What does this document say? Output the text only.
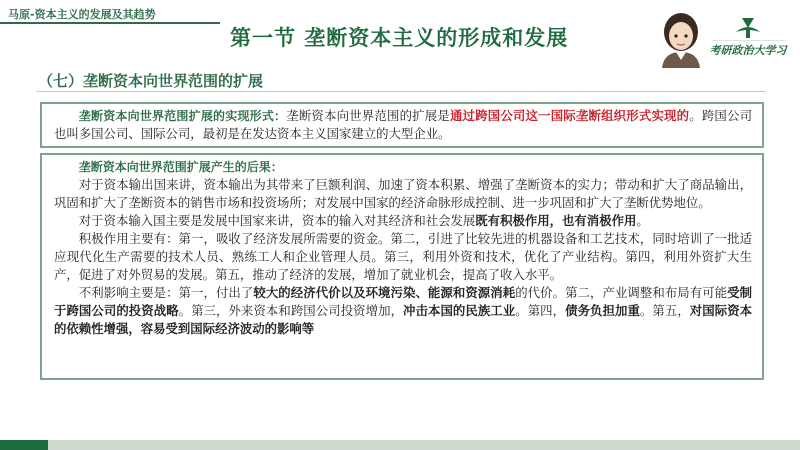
马原-资本主义的发展及其趋势
第一节 垄断资本主义的形成和发展
考研政治大学习
（七）垄断资本向世界范围的扩展

垄断资本向世界范围扩展的实现形式：垄断资本向世界范围的扩展是通过跨国公司这一国际垄断组织形式实现的。跨国公司也叫多国公司、国际公司，最初是在发达资本主义国家建立的大型企业。

垄断资本向世界范围扩展产生的后果：

对于资本输出国来讲，资本输出为其带来了巨额利润、加速了资本积累、增强了垄断资本的实力；带动和扩大了商品输出，巩固和扩大了垄断资本的销售市场和投资场所；对发展中国家的经济命脉形成控制、进一步巩固和扩大了垄断优势地位。

对于资本输入国主要是发展中国家来讲，资本的输入对其经济和社会发展既有积极作用，也有消极作用。

积极作用主要有：第一，吸收了经济发展所需要的资金。第二，引进了比较先进的机器设备和工艺技术，同时培训了一批适应现代化生产需要的技术人员、熟练工人和企业管理人员。第三，利用外资和技术，优化了产业结构。第四，利用外资扩大生产，促进了对外贸易的发展。第五，推动了经济的发展，增加了就业机会，提高了收入水平。

不利影响主要是：第一，付出了较大的经济代价以及环境污染、能源和资源消耗的代价。第二，产业调整和布局有可能受制于跨国公司的投资战略。第三，外来资本和跨国公司投资增加，冲击本国的民族工业。第四，债务负担加重。第五，对国际资本的依赖性增强，容易受到国际经济波动的影响等
